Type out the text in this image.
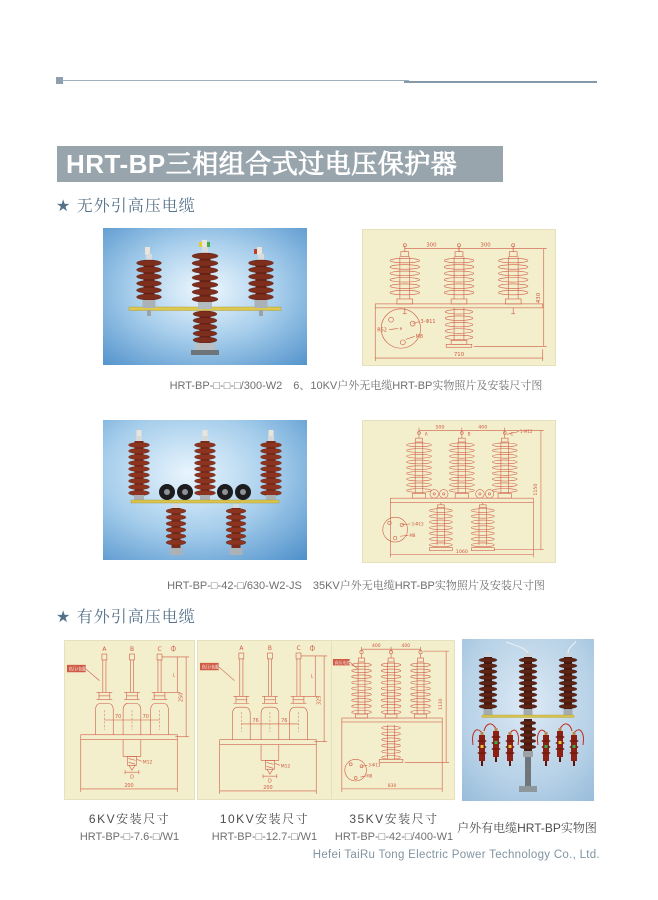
HRT-BP三相组合式过电压保护器
★ 无外引高压电缆
300	300
430
710
3-Φ11
R62
M8
HRT-BP-□-□-□/300-W2　6、10KV户外无电缆HRT-BP实物照片及安装尺寸图
A	B	C
500	400
1-M12
1150
1060
3-Φ13
M8
HRT-BP-□-42-□/630-W2-JS　35KV户外无电缆HRT-BP实物照片及安装尺寸图
★ 有外引高压电缆
A	B	C
高压电缆
70	70
M12
D
200
L
250
A	B	C
高压电缆
76	76
M12
D
200
L
325
高压电缆
400	400
1130
830
3-Φ13
M8
6KV安装尺寸
HRT-BP-□-7.6-□/W1
10KV安装尺寸
HRT-BP-□-12.7-□/W1
35KV安装尺寸
HRT-BP-□-42-□/400-W1
户外有电缆HRT-BP实物图
Hefei TaiRu Tong Electric Power Technology Co., Ltd.
